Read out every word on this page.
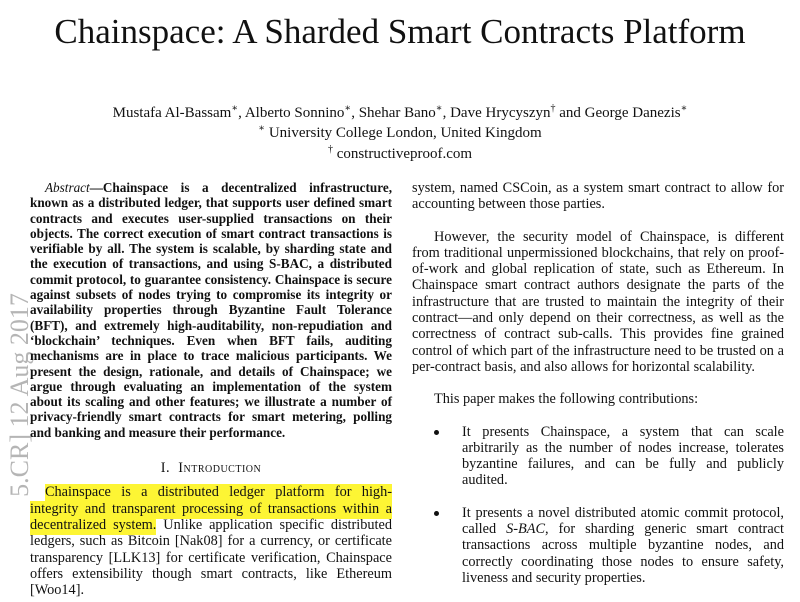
Chainspace: A Sharded Smart Contracts Platform
Mustafa Al-Bassam∗, Alberto Sonnino∗, Shehar Bano∗, Dave Hrycyszyn† and George Danezis∗
∗ University College London, United Kingdom
† constructiveproof.com
5.CR] 12 Aug 2017
Abstract—Chainspace is a decentralized infrastructure, known as a distributed ledger, that supports user defined smart contracts and executes user-supplied transactions on their objects. The correct execution of smart contract transactions is verifiable by all. The system is scalable, by sharding state and the execution of transactions, and using S-BAC, a distributed commit protocol, to guarantee consistency. Chainspace is secure against subsets of nodes trying to compromise its integrity or availability properties through Byzantine Fault Tolerance (BFT), and extremely high-auditability, non-repudiation and ‘blockchain’ techniques. Even when BFT fails, auditing mechanisms are in place to trace malicious participants. We present the design, rationale, and details of Chainspace; we argue through evaluating an implementation of the system about its scaling and other features; we illustrate a number of privacy-friendly smart contracts for smart metering, polling and banking and measure their performance.
I. Introduction
Chainspace is a distributed ledger platform for high-integrity and transparent processing of transactions within a decentralized system. Unlike application specific distributed ledgers, such as Bitcoin [Nak08] for a currency, or certificate transparency [LLK13] for certificate verification, Chainspace offers extensibility though smart contracts, like Ethereum [Woo14].
system, named CSCoin, as a system smart contract to allow for accounting between those parties.
However, the security model of Chainspace, is different from traditional unpermissioned blockchains, that rely on proof-of-work and global replication of state, such as Ethereum. In Chainspace smart contract authors designate the parts of the infrastructure that are trusted to maintain the integrity of their contract—and only depend on their correctness, as well as the correctness of contract sub-calls. This provides fine grained control of which part of the infrastructure need to be trusted on a per-contract basis, and also allows for horizontal scalability.
This paper makes the following contributions:
It presents Chainspace, a system that can scale arbitrarily as the number of nodes increase, tolerates byzantine failures, and can be fully and publicly audited.
It presents a novel distributed atomic commit protocol, called S-BAC, for sharding generic smart contract transactions across multiple byzantine nodes, and correctly coordinating those nodes to ensure safety, liveness and security properties.
